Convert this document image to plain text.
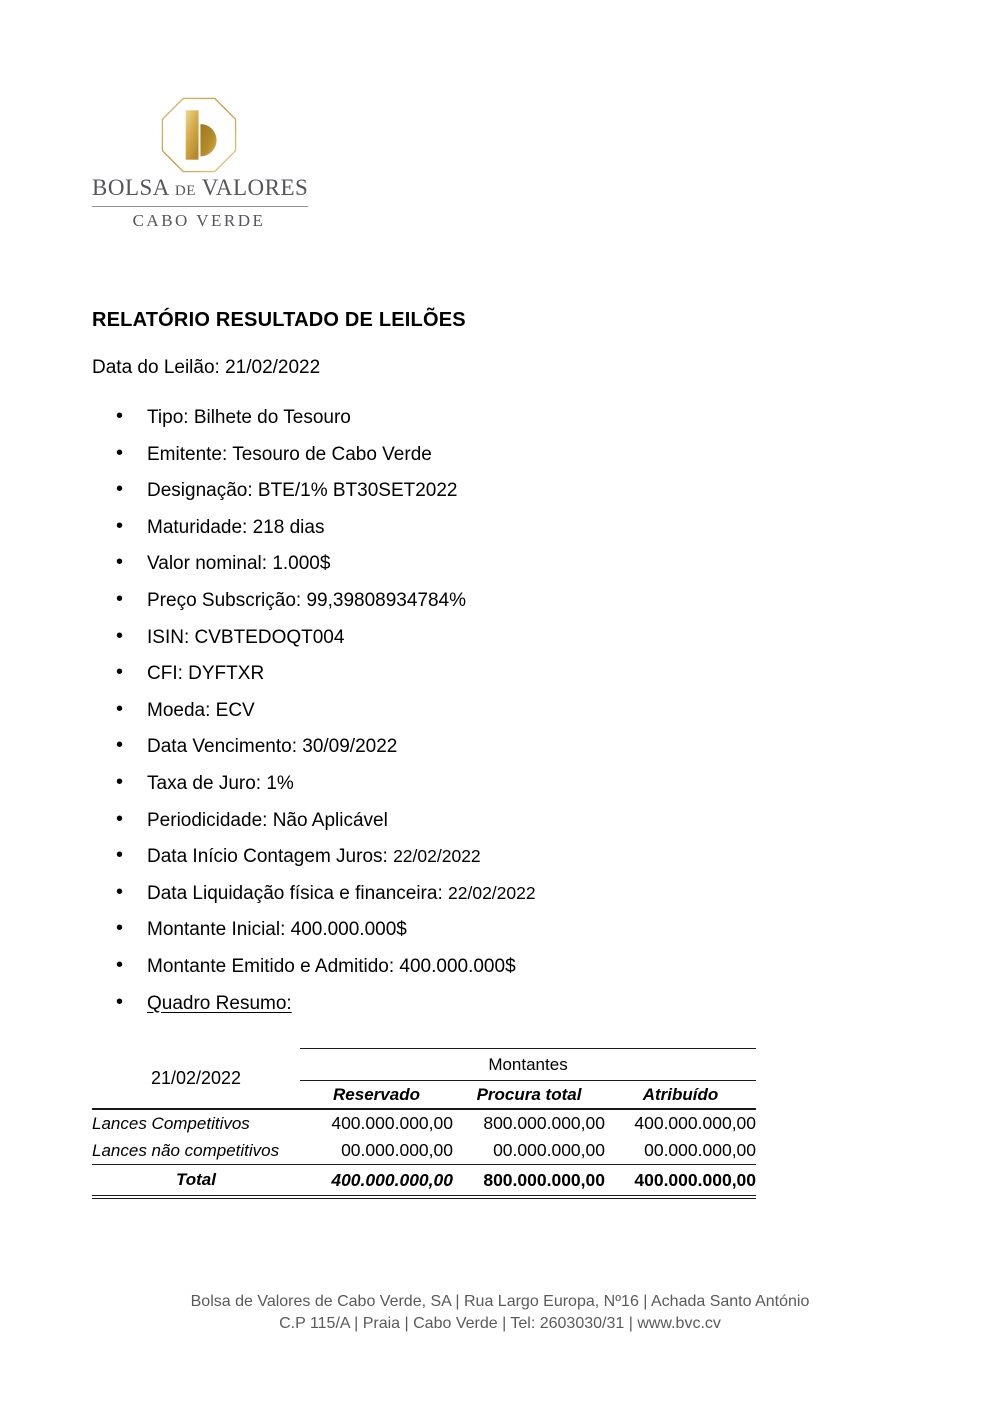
BOLSA DE VALORES
CABO VERDE
RELATÓRIO RESULTADO DE LEILÕES
Data do Leilão: 21/02/2022
• Tipo: Bilhete do Tesouro
• Emitente: Tesouro de Cabo Verde
• Designação: BTE/1% BT30SET2022
• Maturidade: 218 dias
• Valor nominal: 1.000$
• Preço Subscrição: 99,39808934784%
• ISIN: CVBTEDOQT004
• CFI: DYFTXR
• Moeda: ECV
• Data Vencimento: 30/09/2022
• Taxa de Juro: 1%
• Periodicidade: Não Aplicável
• Data Início Contagem Juros: 22/02/2022
• Data Liquidação física e financeira: 22/02/2022
• Montante Inicial: 400.000.000$
• Montante Emitido e Admitido: 400.000.000$
• Quadro Resumo:
21/02/2022	Montantes		
	Reservado	Procura total	Atribuído
Lances Competitivos	400.000.000,00	800.000.000,00	400.000.000,00
Lances não competitivos	00.000.000,00	00.000.000,00	00.000.000,00
Total	400.000.000,00	800.000.000,00	400.000.000,00
Bolsa de Valores de Cabo Verde, SA | Rua Largo Europa, Nº16 | Achada Santo António
C.P 115/A | Praia | Cabo Verde | Tel: 2603030/31 | www.bvc.cv
